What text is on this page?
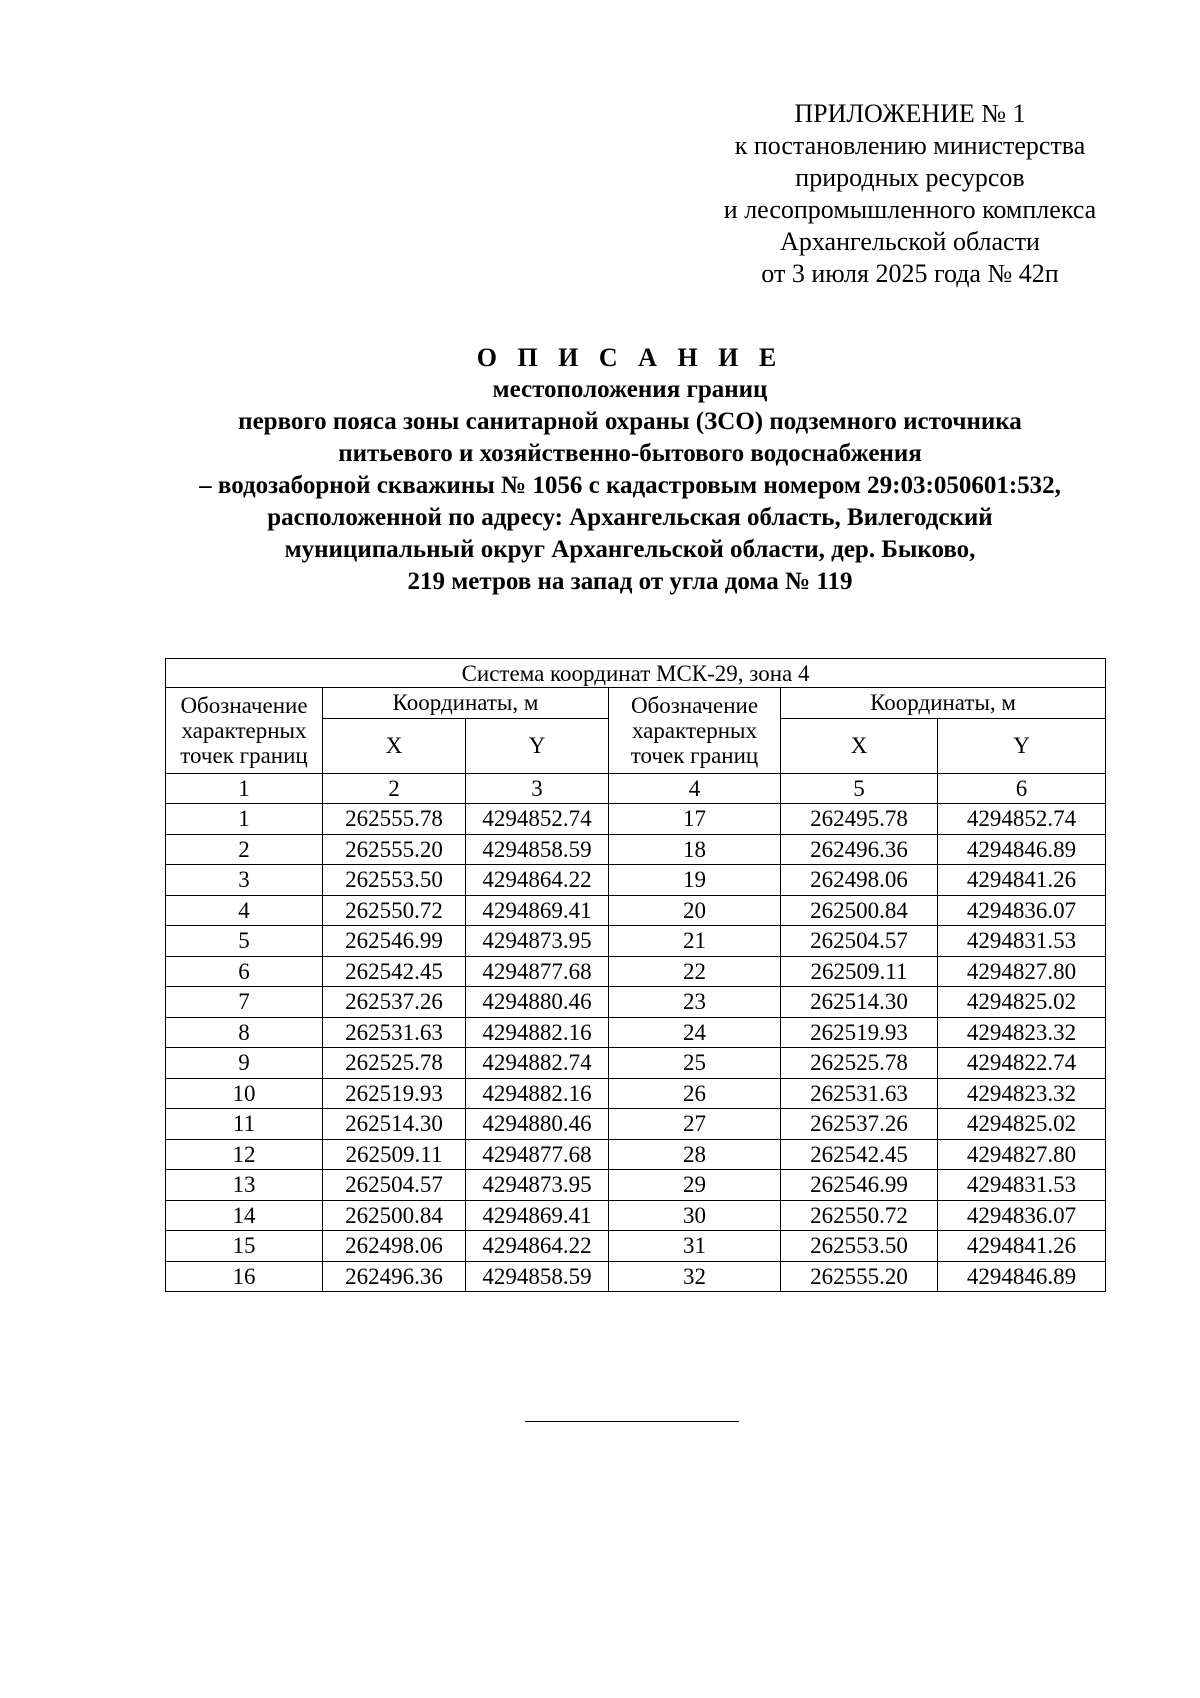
ПРИЛОЖЕНИЕ № 1
к постановлению министерства
природных ресурсов
и лесопромышленного комплекса
Архангельской области
от 3 июля 2025 года № 42п
О П И С А Н И Е
местоположения границ
первого пояса зоны санитарной охраны (ЗСО) подземного источника
питьевого и хозяйственно-бытового водоснабжения
– водозаборной скважины № 1056 с кадастровым номером 29:03:050601:532,
расположенной по адресу: Архангельская область, Вилегодский
муниципальный округ Архангельской области, дер. Быково,
219 метров на запад от угла дома № 119
Система координат МСК-29, зона 4					
Обозначение характерных точек границ	Координаты, м		Обозначение характерных точек границ	Координаты, м	
	X	Y		X	Y
1	2	3	4	5	6
1	262555.78	4294852.74	17	262495.78	4294852.74
2	262555.20	4294858.59	18	262496.36	4294846.89
3	262553.50	4294864.22	19	262498.06	4294841.26
4	262550.72	4294869.41	20	262500.84	4294836.07
5	262546.99	4294873.95	21	262504.57	4294831.53
6	262542.45	4294877.68	22	262509.11	4294827.80
7	262537.26	4294880.46	23	262514.30	4294825.02
8	262531.63	4294882.16	24	262519.93	4294823.32
9	262525.78	4294882.74	25	262525.78	4294822.74
10	262519.93	4294882.16	26	262531.63	4294823.32
11	262514.30	4294880.46	27	262537.26	4294825.02
12	262509.11	4294877.68	28	262542.45	4294827.80
13	262504.57	4294873.95	29	262546.99	4294831.53
14	262500.84	4294869.41	30	262550.72	4294836.07
15	262498.06	4294864.22	31	262553.50	4294841.26
16	262496.36	4294858.59	32	262555.20	4294846.89
